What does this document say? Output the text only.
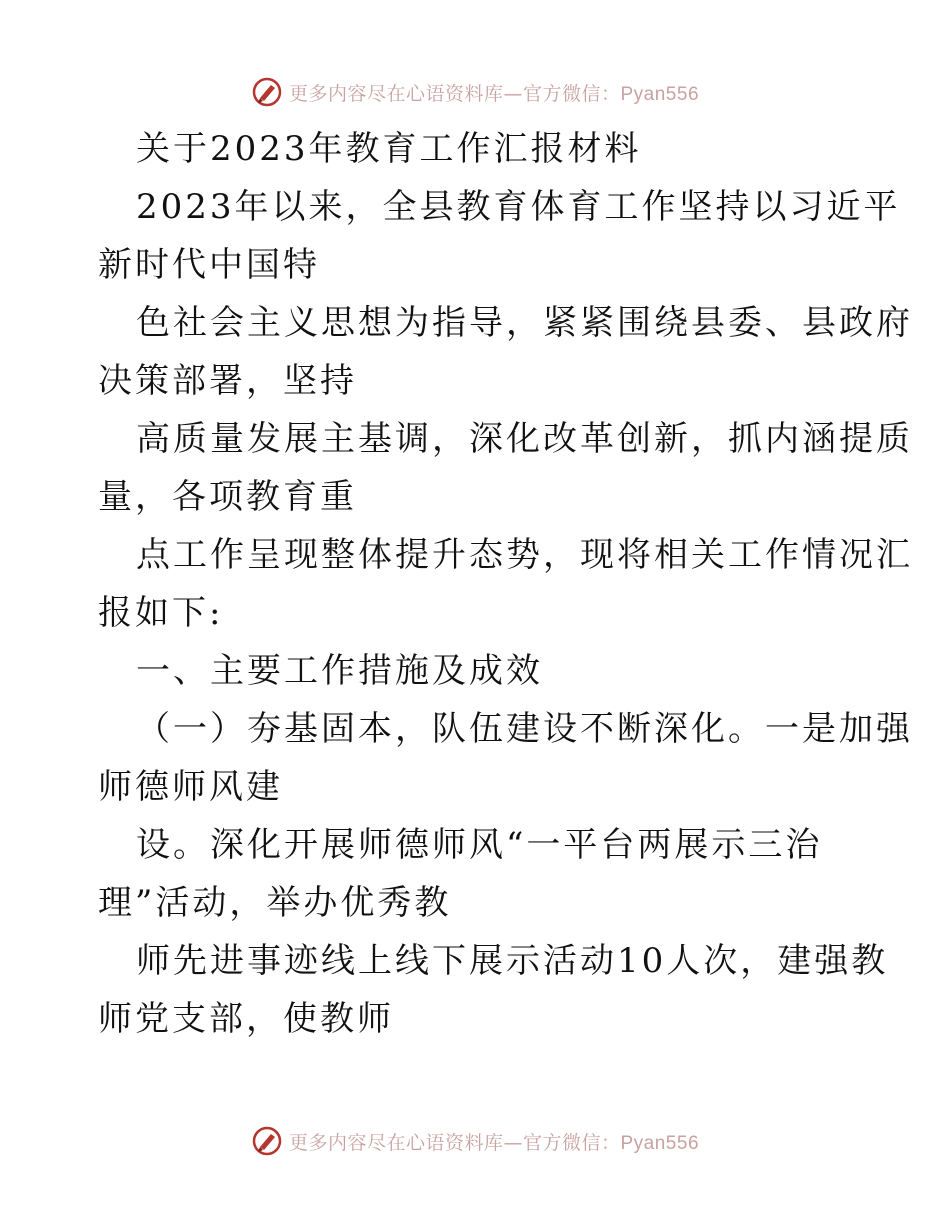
更多内容尽在心语资料库—官方微信：Pyan556
关于2023年教育工作汇报材料
2023年以来，全县教育体育工作坚持以习近平
新时代中国特
色社会主义思想为指导，紧紧围绕县委、县政府
决策部署，坚持
高质量发展主基调，深化改革创新，抓内涵提质
量，各项教育重
点工作呈现整体提升态势，现将相关工作情况汇
报如下:
一、主要工作措施及成效
（一）夯基固本，队伍建设不断深化。一是加强
师德师风建
设。深化开展师德师风“一平台两展示三治
理”活动，举办优秀教
师先进事迹线上线下展示活动10人次，建强教
师党支部，使教师
更多内容尽在心语资料库—官方微信：Pyan556
